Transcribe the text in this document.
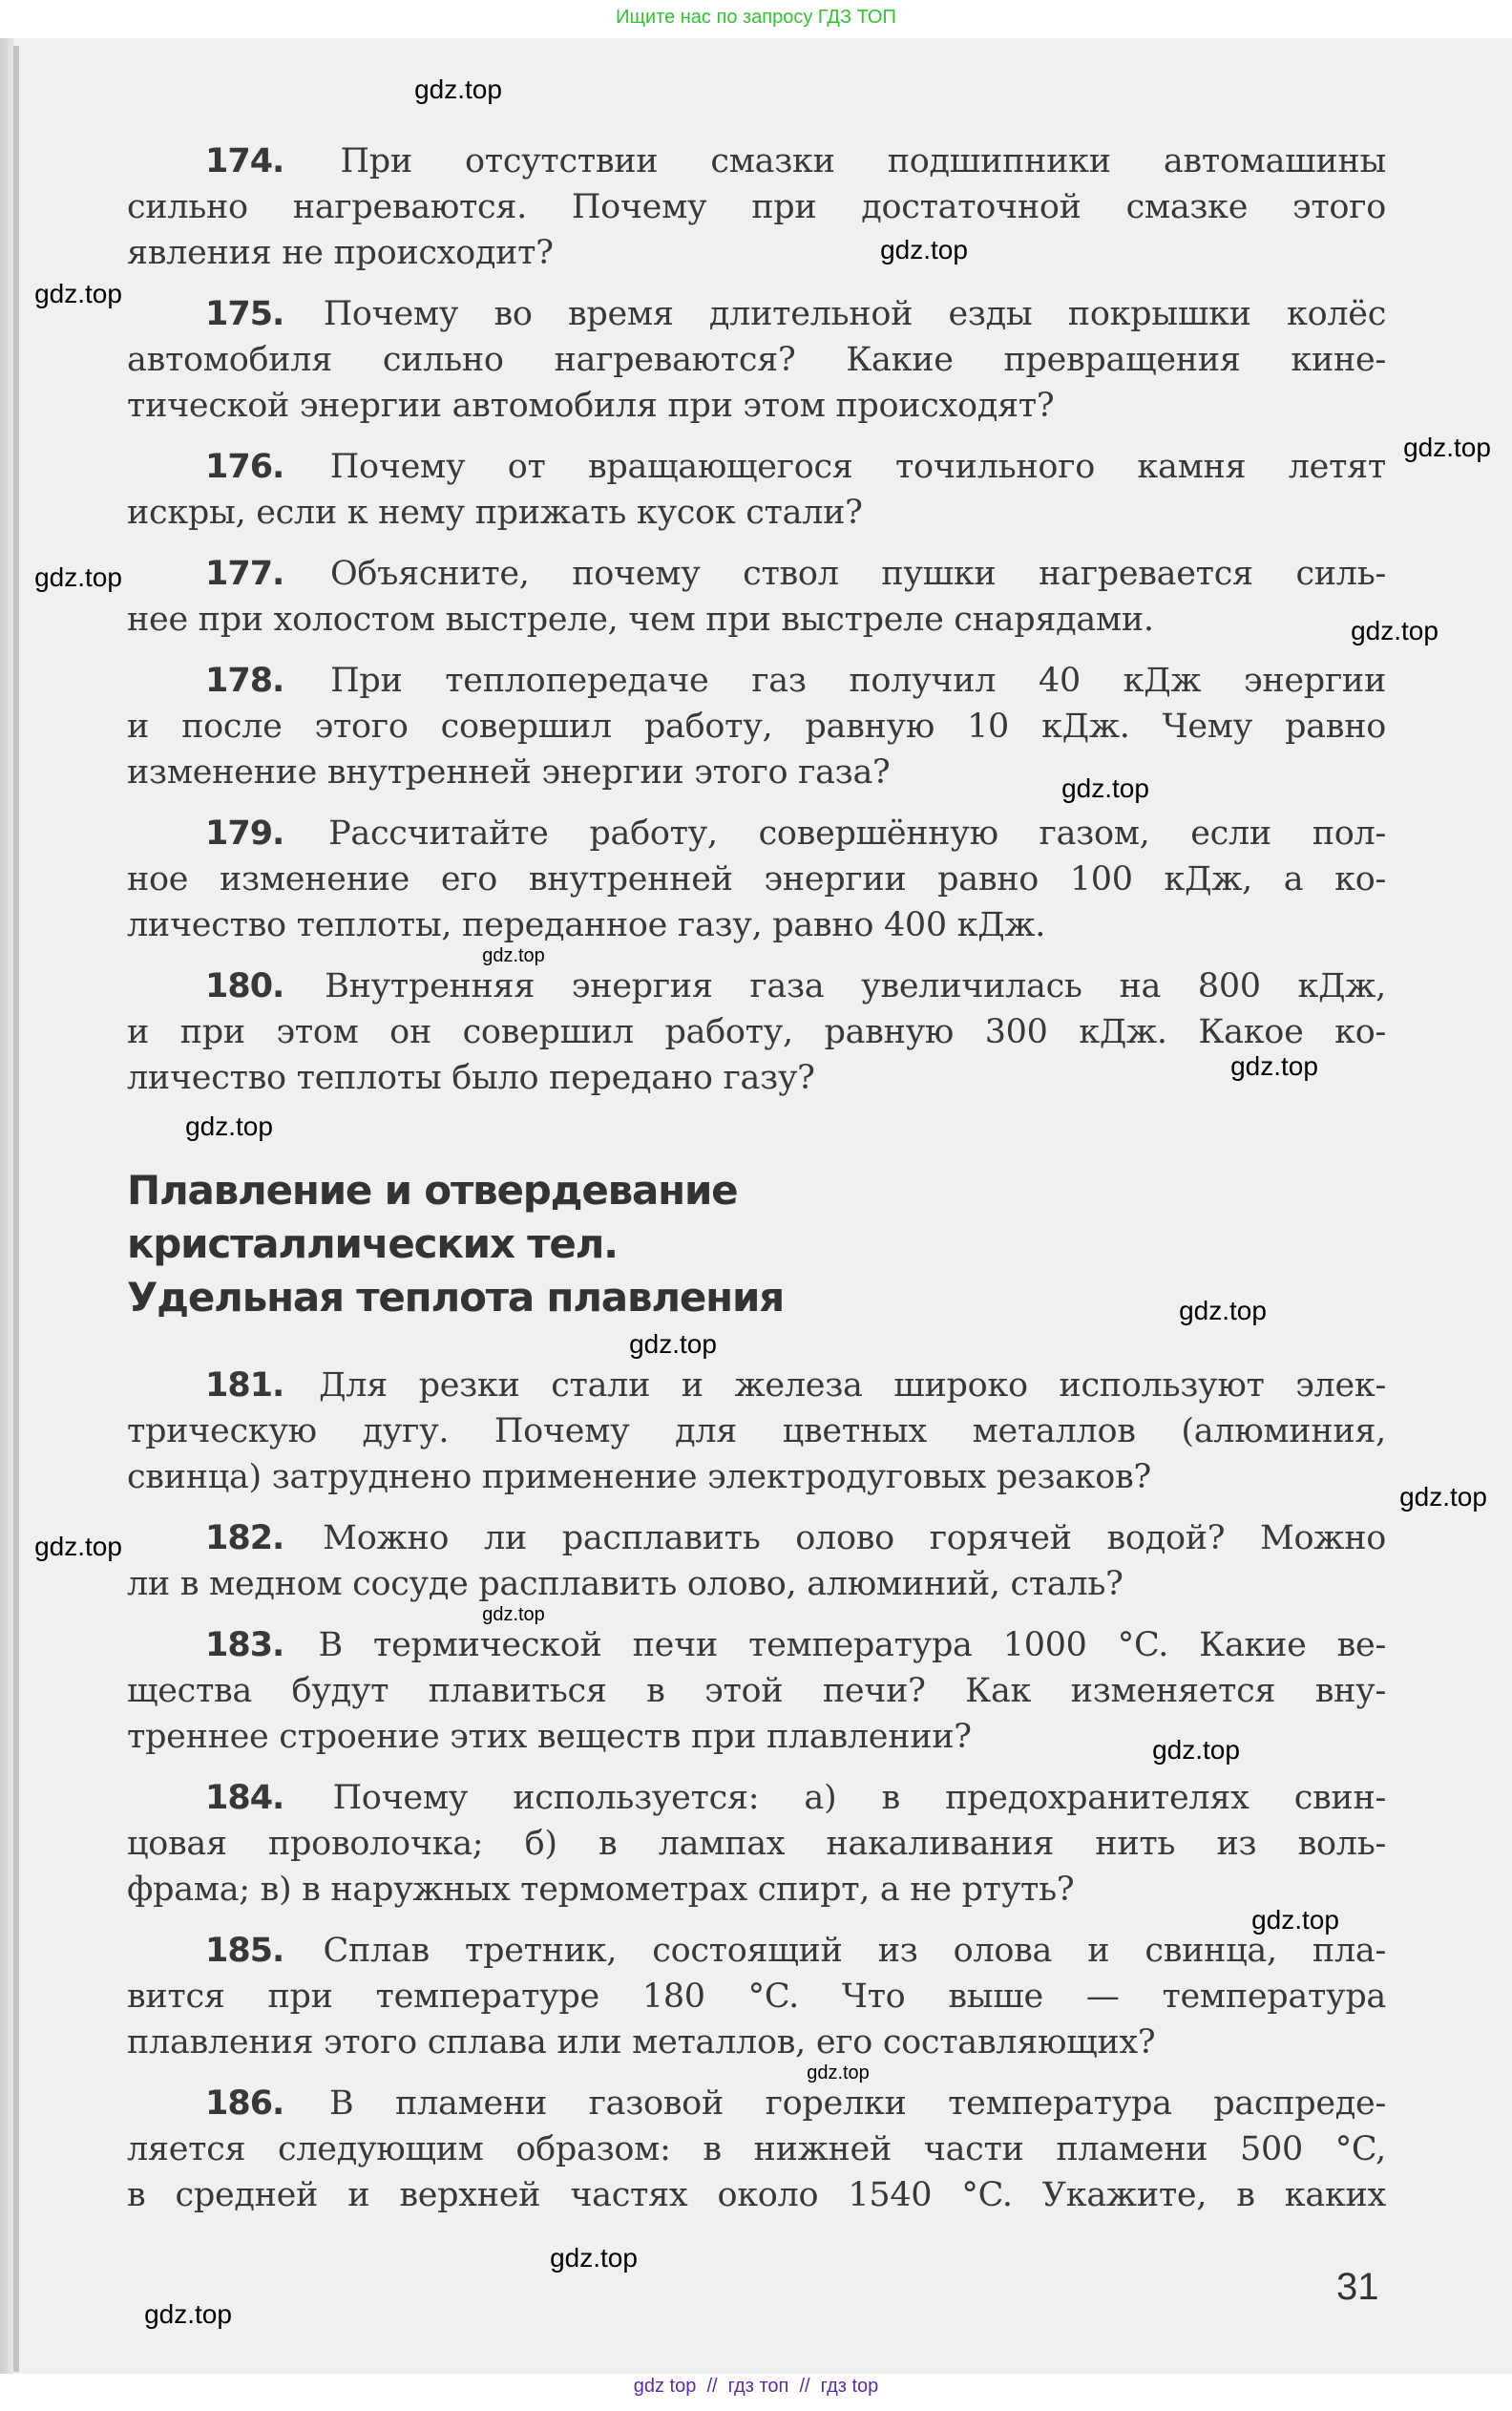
Ищите нас по запросу ГДЗ ТОП
174. При отсутствии смазки подшипники автомашины
сильно нагреваются. Почему при достаточной смазке этого
явления не происходит?
175. Почему во время длительной езды покрышки колёс
автомобиля сильно нагреваются? Какие превращения кине-
тической энергии автомобиля при этом происходят?
176. Почему от вращающегося точильного камня летят
искры, если к нему прижать кусок стали?
177. Объясните, почему ствол пушки нагревается силь-
нее при холостом выстреле, чем при выстреле снарядами.
178. При теплопередаче газ получил 40 кДж энергии
и после этого совершил работу, равную 10 кДж. Чему равно
изменение внутренней энергии этого газа?
179. Рассчитайте работу, совершённую газом, если пол-
ное изменение его внутренней энергии равно 100 кДж, а ко-
личество теплоты, переданное газу, равно 400 кДж.
180. Внутренняя энергия газа увеличилась на 800 кДж,
и при этом он совершил работу, равную 300 кДж. Какое ко-
личество теплоты было передано газу?
Плавление и отвердевание
кристаллических тел.
Удельная теплота плавления
181. Для резки стали и железа широко используют элек-
трическую дугу. Почему для цветных металлов (алюминия,
свинца) затруднено применение электродуговых резаков?
182. Можно ли расплавить олово горячей водой? Можно
ли в медном сосуде расплавить олово, алюминий, сталь?
183. В термической печи температура 1000 °C. Какие ве-
щества будут плавиться в этой печи? Как изменяется вну-
треннее строение этих веществ при плавлении?
184. Почему используется: а) в предохранителях свин-
цовая проволочка; б) в лампах накаливания нить из воль-
фрама; в) в наружных термометрах спирт, а не ртуть?
185. Сплав третник, состоящий из олова и свинца, пла-
вится при температуре 180 °C. Что выше — температура
плавления этого сплава или металлов, его составляющих?
186. В пламени газовой горелки температура распреде-
ляется следующим образом: в нижней части пламени 500 °C,
в средней и верхней частях около 1540 °C. Укажите, в каких
31
gdz.top
gdz.top
gdz.top
gdz.top
gdz.top
gdz.top
gdz.top
gdz.top
gdz.top
gdz.top
gdz.top
gdz.top
gdz.top
gdz.top
gdz.top
gdz.top
gdz.top
gdz.top
gdz.top
gdz.top
gdz top  //  гдз топ  //  гдз top
